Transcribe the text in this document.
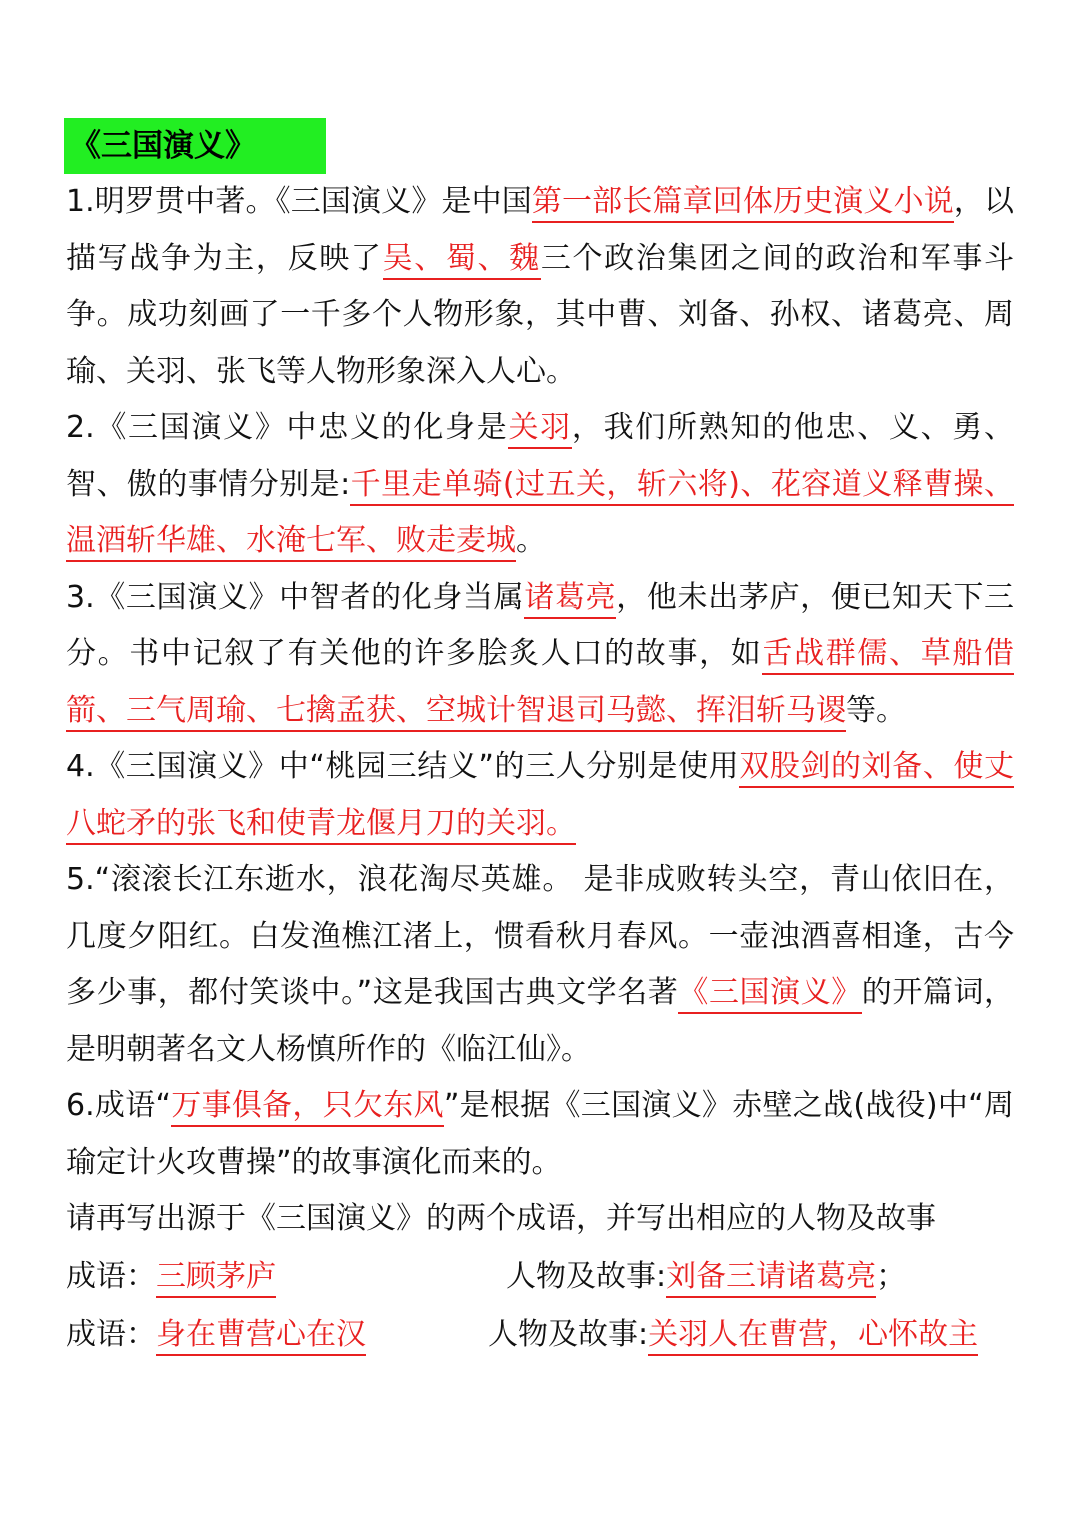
《三国演义》

1.明罗贯中著。《三国演义》是中国第一部长篇章回体历史演义小说，以描写战争为主，反映了吴、蜀、魏三个政治集团之间的政治和军事斗争。成功刻画了一千多个人物形象，其中曹、刘备、孙权、诸葛亮、周瑜、关羽、张飞等人物形象深入人心。

2.《三国演义》中忠义的化身是关羽，我们所熟知的他忠、义、勇、智、傲的事情分别是:千里走单骑(过五关，斩六将)、花容道义释曹操、温酒斩华雄、水淹七军、败走麦城。

3.《三国演义》中智者的化身当属诸葛亮，他未出茅庐，便已知天下三分。书中记叙了有关他的许多脍炙人口的故事，如舌战群儒、草船借箭、三气周瑜、七擒孟获、空城计智退司马懿、挥泪斩马谡等。

4.《三国演义》中“桃园三结义”的三人分别是使用双股剑的刘备、使丈八蛇矛的张飞和使青龙偃月刀的关羽。

5.“滚滚长江东逝水，浪花淘尽英雄。 是非成败转头空，青山依旧在，几度夕阳红。白发渔樵江渚上，惯看秋月春风。一壶浊酒喜相逢，古今多少事，都付笑谈中。”这是我国古典文学名著《三国演义》的开篇词，是明朝著名文人杨慎所作的《临江仙》。

6.成语“万事俱备，只欠东风”是根据《三国演义》赤壁之战(战役)中“周瑜定计火攻曹操”的故事演化而来的。

请再写出源于《三国演义》的两个成语，并写出相应的人物及故事

成语：三顾茅庐	人物及故事:刘备三请诸葛亮；
成语：身在曹营心在汉	人物及故事:关羽人在曹营，心怀故主
